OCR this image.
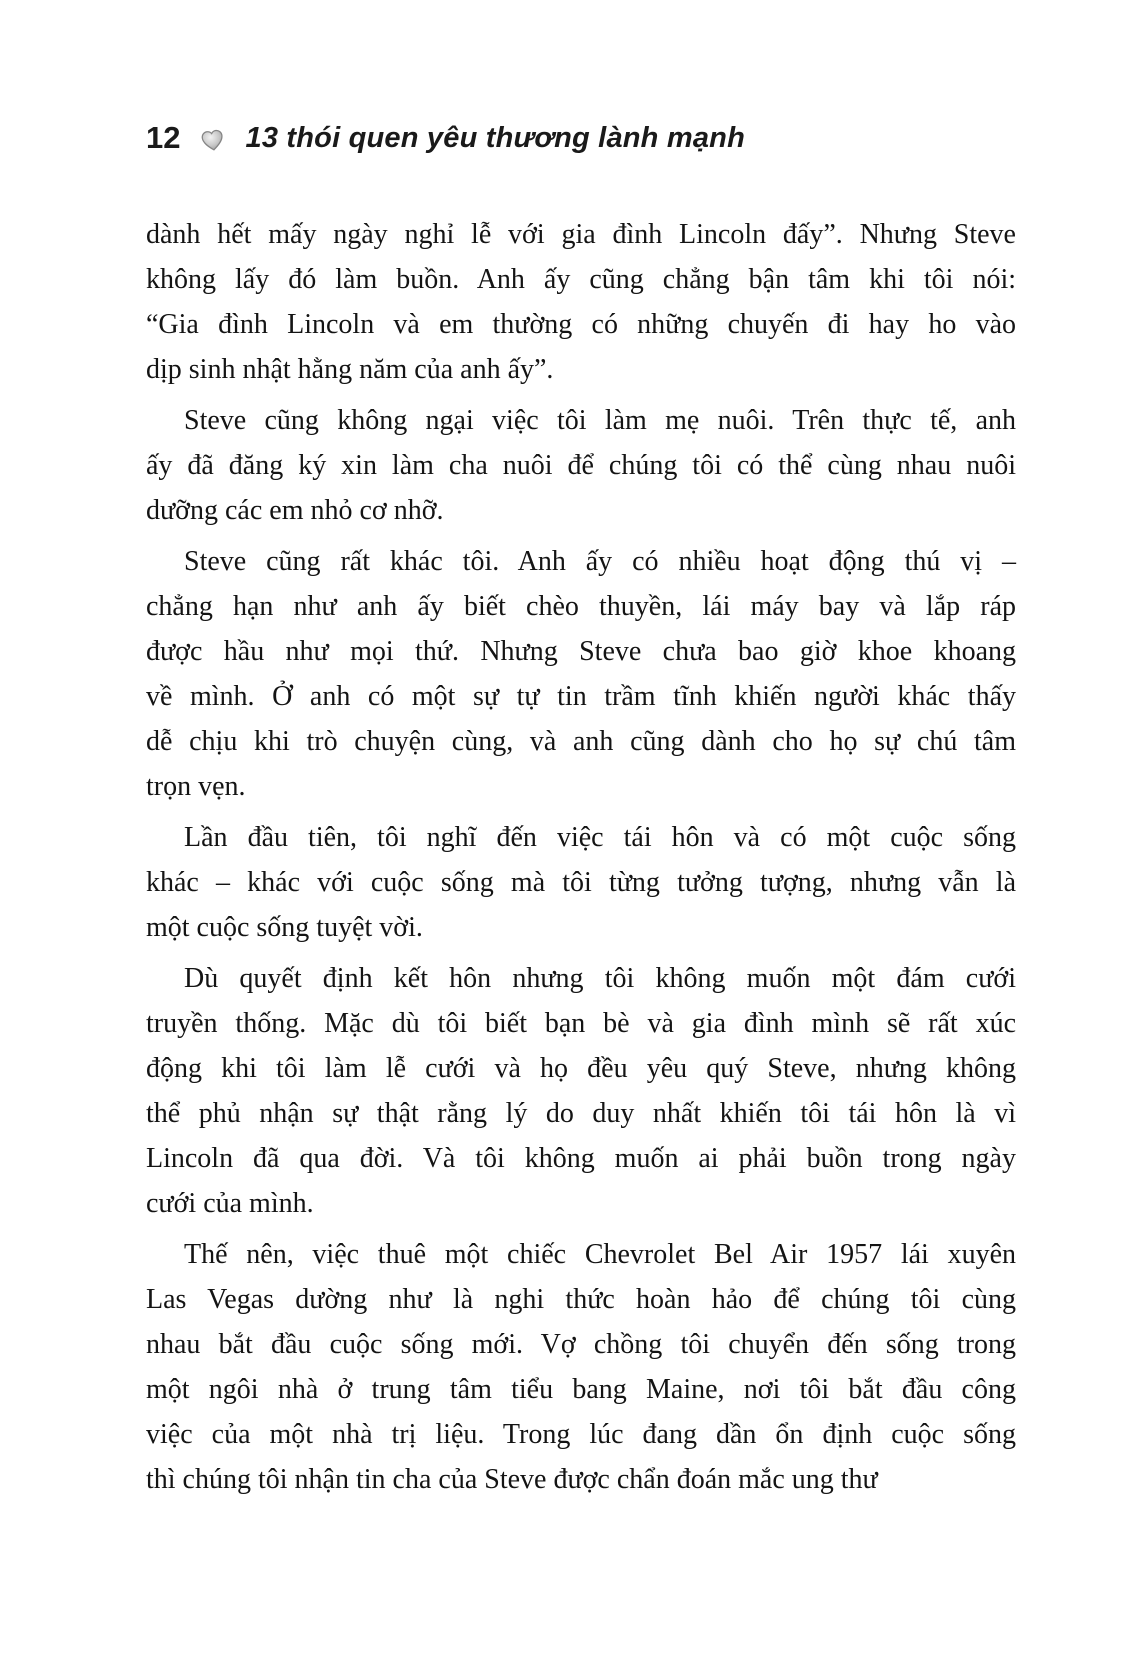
12 13 thói quen yêu thương lành mạnh
dành hết mấy ngày nghỉ lễ với gia đình Lincoln đấy”. Nhưng Steve
không lấy đó làm buồn. Anh ấy cũng chẳng bận tâm khi tôi nói:
“Gia đình Lincoln và em thường có những chuyến đi hay ho vào
dịp sinh nhật hằng năm của anh ấy”.
Steve cũng không ngại việc tôi làm mẹ nuôi. Trên thực tế, anh
ấy đã đăng ký xin làm cha nuôi để chúng tôi có thể cùng nhau nuôi
dưỡng các em nhỏ cơ nhỡ.
Steve cũng rất khác tôi. Anh ấy có nhiều hoạt động thú vị –
chẳng hạn như anh ấy biết chèo thuyền, lái máy bay và lắp ráp
được hầu như mọi thứ. Nhưng Steve chưa bao giờ khoe khoang
về mình. Ở anh có một sự tự tin trầm tĩnh khiến người khác thấy
dễ chịu khi trò chuyện cùng, và anh cũng dành cho họ sự chú tâm
trọn vẹn.
Lần đầu tiên, tôi nghĩ đến việc tái hôn và có một cuộc sống
khác – khác với cuộc sống mà tôi từng tưởng tượng, nhưng vẫn là
một cuộc sống tuyệt vời.
Dù quyết định kết hôn nhưng tôi không muốn một đám cưới
truyền thống. Mặc dù tôi biết bạn bè và gia đình mình sẽ rất xúc
động khi tôi làm lễ cưới và họ đều yêu quý Steve, nhưng không
thể phủ nhận sự thật rằng lý do duy nhất khiến tôi tái hôn là vì
Lincoln đã qua đời. Và tôi không muốn ai phải buồn trong ngày
cưới của mình.
Thế nên, việc thuê một chiếc Chevrolet Bel Air 1957 lái xuyên
Las Vegas dường như là nghi thức hoàn hảo để chúng tôi cùng
nhau bắt đầu cuộc sống mới. Vợ chồng tôi chuyển đến sống trong
một ngôi nhà ở trung tâm tiểu bang Maine, nơi tôi bắt đầu công
việc của một nhà trị liệu. Trong lúc đang dần ổn định cuộc sống
thì chúng tôi nhận tin cha của Steve được chẩn đoán mắc ung thư
